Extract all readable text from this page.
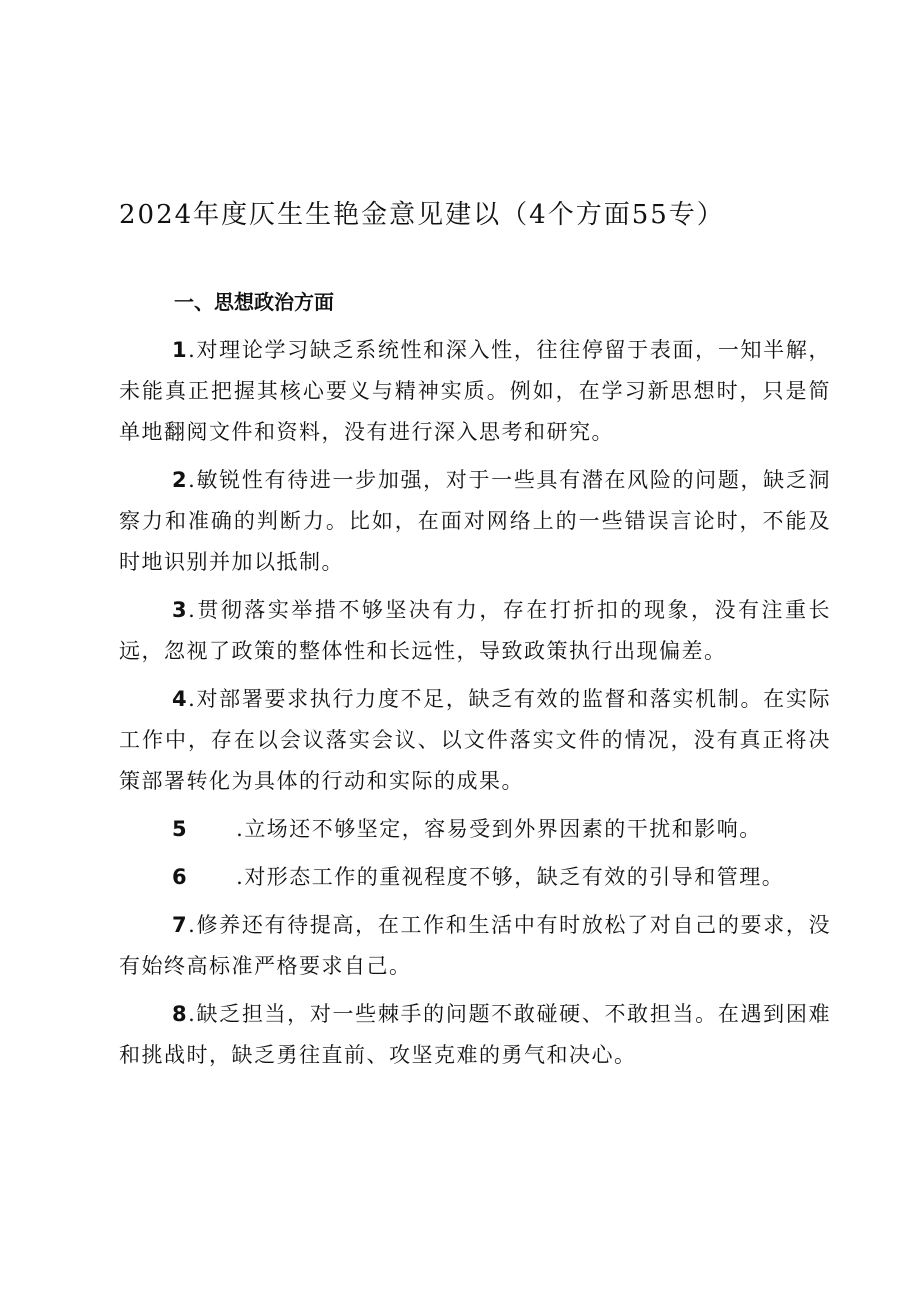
2024年度仄生生艳金意见建以（4个方面55专）
一、思想政治方面

1.对理论学习缺乏系统性和深入性，往往停留于表面，一知半解，未能真正把握其核心要义与精神实质。例如，在学习新思想时，只是简单地翻阅文件和资料，没有进行深入思考和研究。

2.敏锐性有待进一步加强，对于一些具有潜在风险的问题，缺乏洞察力和准确的判断力。比如，在面对网络上的一些错误言论时，不能及时地识别并加以抵制。

3.贯彻落实举措不够坚决有力，存在打折扣的现象，没有注重长远，忽视了政策的整体性和长远性，导致政策执行出现偏差。

4.对部署要求执行力度不足，缺乏有效的监督和落实机制。在实际工作中，存在以会议落实会议、以文件落实文件的情况，没有真正将决策部署转化为具体的行动和实际的成果。

5 .立场还不够坚定，容易受到外界因素的干扰和影响。

6 .对形态工作的重视程度不够，缺乏有效的引导和管理。

7.修养还有待提高，在工作和生活中有时放松了对自己的要求，没有始终高标准严格要求自己。

8.缺乏担当，对一些棘手的问题不敢碰硬、不敢担当。在遇到困难和挑战时，缺乏勇往直前、攻坚克难的勇气和决心。
